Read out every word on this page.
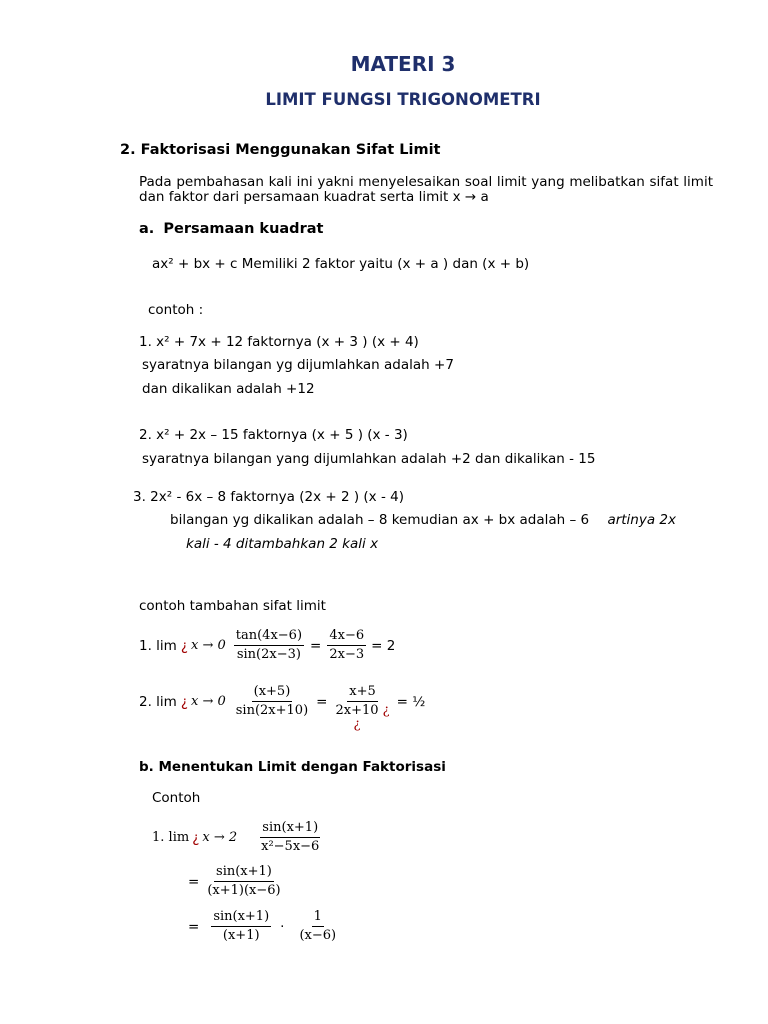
MATERI 3
LIMIT FUNGSI TRIGONOMETRI
2. Faktorisasi Menggunakan Sifat Limit
Pada pembahasan kali ini yakni menyelesaikan soal limit yang melibatkan sifat limit dan faktor dari persamaan kuadrat serta limit x → a
a. Persamaan kuadrat
ax² + bx + c Memiliki 2 faktor yaitu (x + a ) dan (x + b)
contoh :
1. x² + 7x + 12 faktornya (x + 3 ) (x + 4)
syaratnya bilangan yg dijumlahkan adalah +7
dan dikalikan adalah +12
2. x² + 2x – 15 faktornya (x + 5 ) (x - 3)
syaratnya bilangan yang dijumlahkan adalah +2 dan dikalikan - 15
3. 2x² - 6x – 8 faktornya (2x + 2 ) (x - 4)
bilangan yg dikalikan adalah – 8 kemudian ax + bx adalah – 6 artinya 2x
kali - 4 ditambahkan 2 kali x
contoh tambahan sifat limit
1. lim ¿ $x \to 0 \frac{\tan(4x-6)}{\sin(2x-3)} = \frac{4x-6}{2x-3} = 2$
2. lim ¿ $x \to 0 \frac{(x+5)}{\sin(2x+10)} = x+5$
2x+10 ¿
¿ = ½
b. Menentukan Limit dengan Faktorisasi
Contoh
1. lim ¿ $x \to 2 \frac{\sin(x+1)}{\text{x²−5x−6}}$
= $\frac{\sin(x+1)}{(x+1)(x-6)}$
= $\frac{\sin(x+1)}{(x+1)} \cdot \frac{1}{(x-6)}$
